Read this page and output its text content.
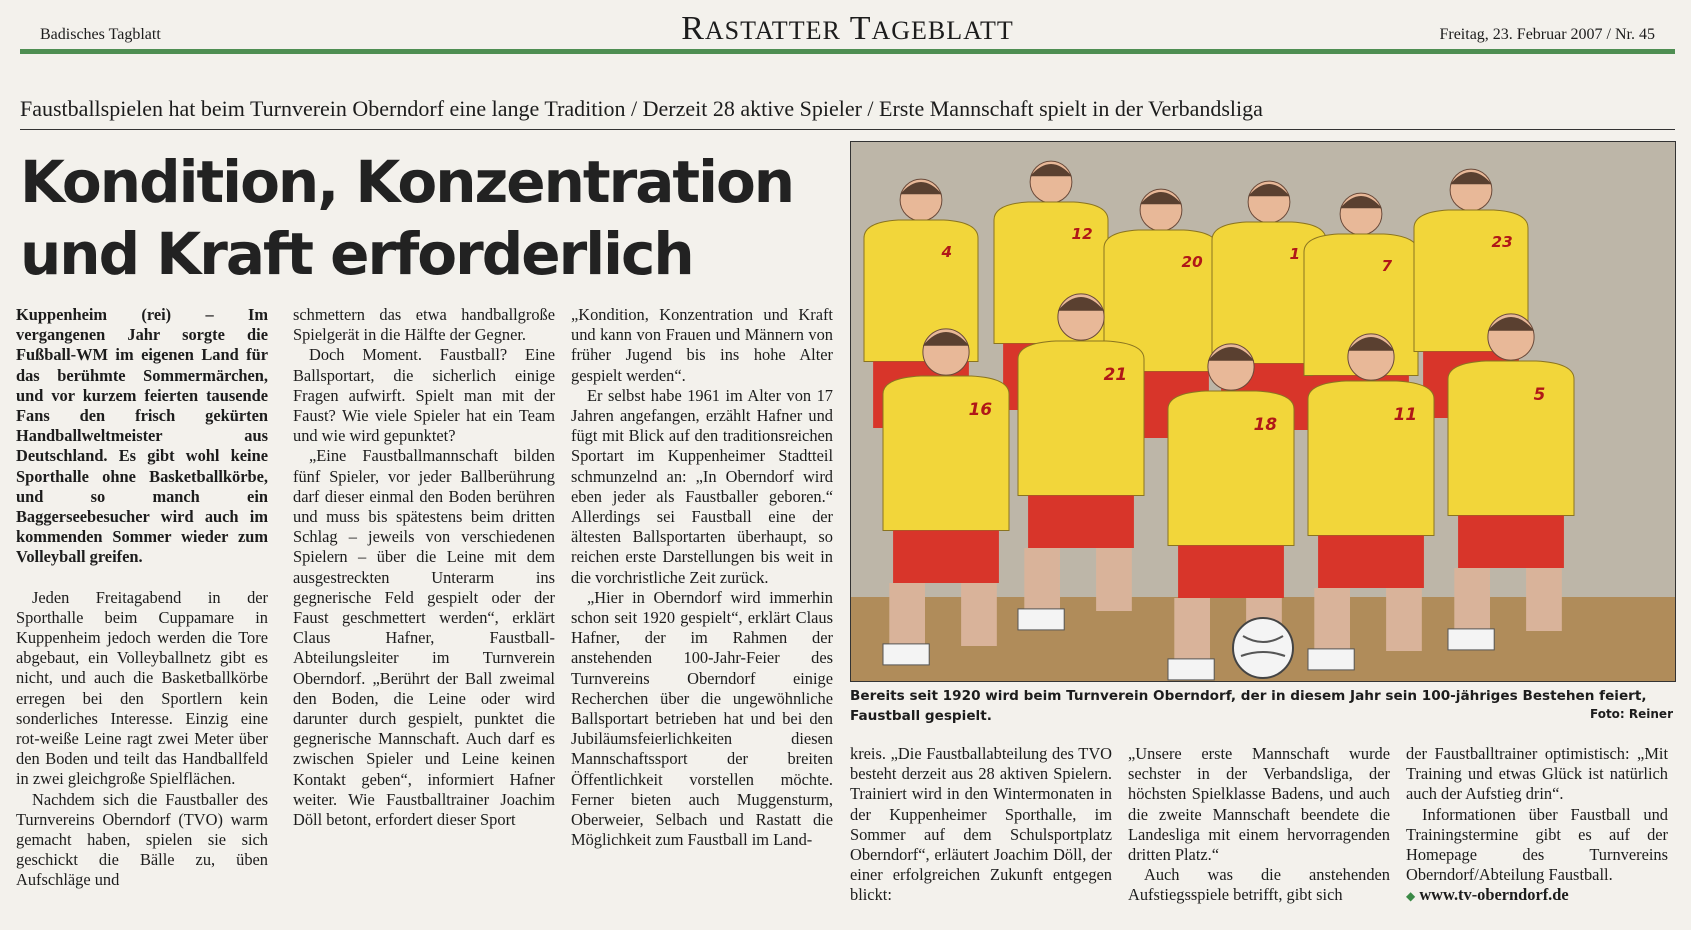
Badisches Tagblatt	RASTATTER TAGEBLATT	Freitag, 23. Februar 2007 / Nr. 45
Faustballspielen hat beim Turnverein Oberndorf eine lange Tradition / Derzeit 28 aktive Spieler / Erste Mannschaft spielt in der Verbandsliga
Kondition, Konzentration
und Kraft erforderlich

Kuppenheim (rei) – Im vergangenen Jahr sorgte die Fußball-WM im eigenen Land für das berühmte Sommermärchen, und vor kurzem feierten tausende Fans den frisch gekürten Handballweltmeister aus Deutschland. Es gibt wohl keine Sporthalle ohne Basketballkörbe, und so manch ein Baggerseebesucher wird auch im kommenden Sommer wieder zum Volleyball greifen.

Jeden Freitagabend in der Sporthalle beim Cuppamare in Kuppenheim jedoch werden die Tore abgebaut, ein Volleyballnetz gibt es nicht, und auch die Basketballkörbe erregen bei den Sportlern kein sonderliches Interesse. Einzig eine rot-weiße Leine ragt zwei Meter über den Boden und teilt das Handballfeld in zwei gleichgroße Spielflächen.

Nachdem sich die Faustballer des Turnvereins Oberndorf (TVO) warm gemacht haben, spielen sie sich geschickt die Bälle zu, üben Aufschläge und

schmettern das etwa handballgroße Spielgerät in die Hälfte der Gegner.

Doch Moment. Faustball? Eine Ballsportart, die sicherlich einige Fragen aufwirft. Spielt man mit der Faust? Wie viele Spieler hat ein Team und wie wird gepunktet?

„Eine Faustballmannschaft bilden fünf Spieler, vor jeder Ballberührung darf dieser einmal den Boden berühren und muss bis spätestens beim dritten Schlag – jeweils von verschiedenen Spielern – über die Leine mit dem ausgestreckten Unterarm ins gegnerische Feld gespielt oder der Faust geschmettert werden“, erklärt Claus Hafner, Faustball-Abteilungsleiter im Turnverein Oberndorf. „Berührt der Ball zweimal den Boden, die Leine oder wird darunter durch gespielt, punktet die gegnerische Mannschaft. Auch darf es zwischen Spieler und Leine keinen Kontakt geben“, informiert Hafner weiter. Wie Faustballtrainer Joachim Döll betont, erfordert dieser Sport

„Kondition, Konzentration und Kraft und kann von Frauen und Männern von früher Jugend bis ins hohe Alter gespielt werden“.

Er selbst habe 1961 im Alter von 17 Jahren angefangen, erzählt Hafner und fügt mit Blick auf den traditionsreichen Sportart im Kuppenheimer Stadtteil schmunzelnd an: „In Oberndorf wird eben jeder als Faustballer geboren.“ Allerdings sei Faustball eine der ältesten Ballsportarten überhaupt, so reichen erste Darstellungen bis weit in die vorchristliche Zeit zurück.

„Hier in Oberndorf wird immerhin schon seit 1920 gespielt“, erklärt Claus Hafner, der im Rahmen der anstehenden 100-Jahr-Feier des Turnvereins Oberndorf einige Recherchen über die ungewöhnliche Ballsportart betrieben hat und bei den Jubiläumsfeierlichkeiten diesen Mannschaftssport der breiten Öffentlichkeit vorstellen möchte. Ferner bieten auch Muggensturm, Oberweier, Selbach und Rastatt die Möglichkeit zum Faustball im Land-

4
12
20	1
7
23
16
21
18	11
5
Bereits seit 1920 wird beim Turnverein Oberndorf, der in diesem Jahr sein 100-jähriges Bestehen feiert, Faustball gespielt.	Foto: Reiner

kreis. „Die Faustballabteilung des TVO besteht derzeit aus 28 aktiven Spielern. Trainiert wird in den Wintermonaten in der Kuppenheimer Sporthalle, im Sommer auf dem Schulsportplatz Oberndorf“, erläutert Joachim Döll, der einer erfolgreichen Zukunft entgegen blickt:

„Unsere erste Mannschaft wurde sechster in der Verbandsliga, der höchsten Spielklasse Badens, und auch die zweite Mannschaft beendete die Landesliga mit einem hervorragenden dritten Platz.“

Auch was die anstehenden Aufstiegsspiele betrifft, gibt sich

der Faustballtrainer optimistisch: „Mit Training und etwas Glück ist natürlich auch der Aufstieg drin“.

Informationen über Faustball und Trainingstermine gibt es auf der Homepage des Turnvereins Oberndorf/Abteilung Faustball.

◆ www.tv-oberndorf.de
